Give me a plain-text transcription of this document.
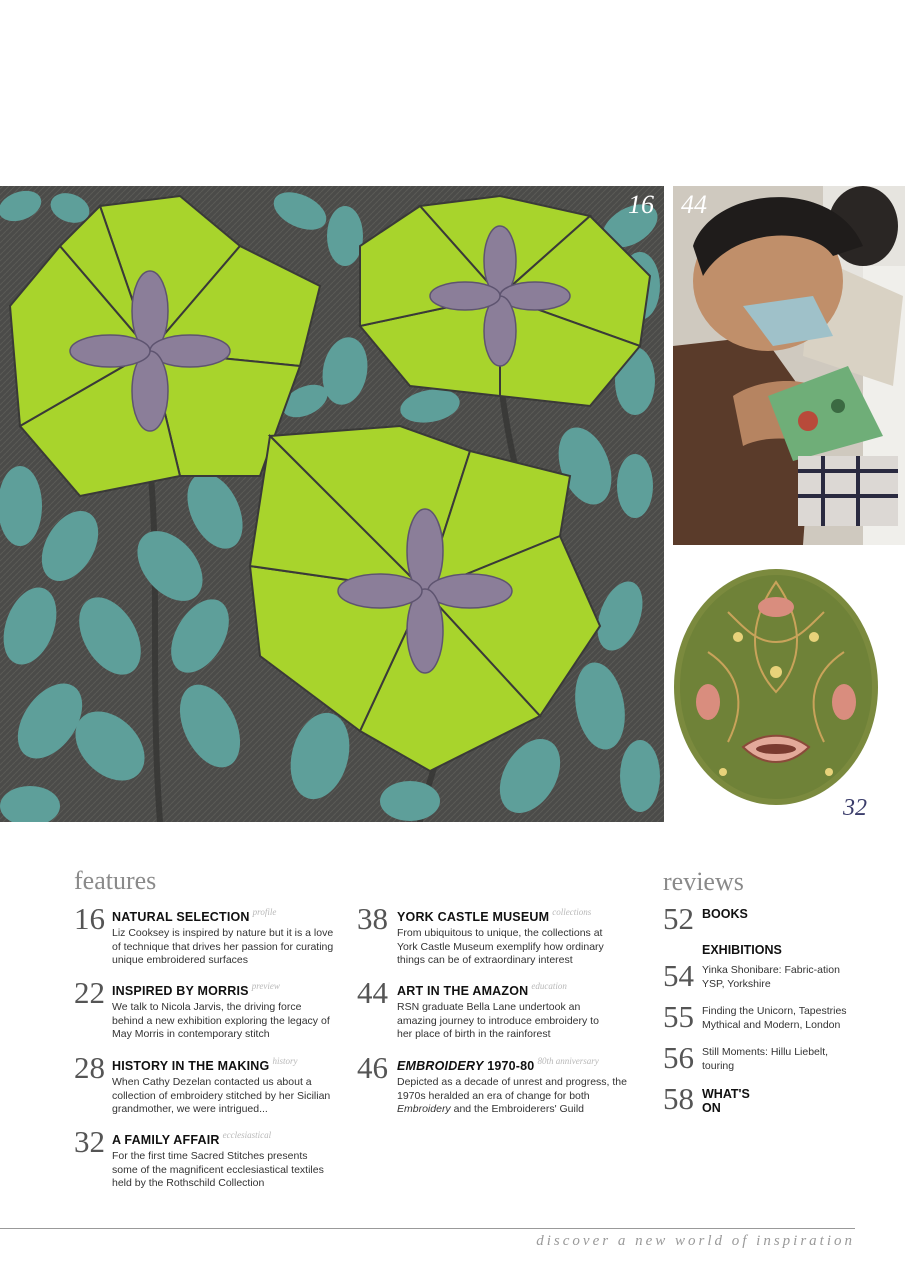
16 44
32
features
16 NATURAL SELECTION $^{profile}$
Liz Cooksey is inspired by nature but it is a love of technique that drives her passion for curating unique embroidered surfaces
22 INSPIRED BY MORRIS $^{preview}$
We talk to Nicola Jarvis, the driving force behind a new exhibition exploring the legacy of May Morris in contemporary stitch
28 HISTORY IN THE MAKING $^{history}$
When Cathy Dezelan contacted us about a collection of embroidery stitched by her Sicilian grandmother, we were intrigued...
32 A FAMILY AFFAIR $^{ecclesiastical}$
For the first time Sacred Stitches presents some of the magnificent ecclesiastical textiles held by the Rothschild Collection
38 YORK CASTLE MUSEUM $^{collections}$
From ubiquitous to unique, the collections at York Castle Museum exemplify how ordinary things can be of extraordinary interest
44 ART IN THE AMAZON $^{education}$
RSN graduate Bella Lane undertook an amazing journey to introduce embroidery to her place of birth in the rainforest
46 EMBROIDERY 1970-80 $^{80th anniversary}$
Depicted as a decade of unrest and progress, the 1970s heralded an era of change for both Embroidery and the Embroiderers' Guild
reviews
52 BOOKS
EXHIBITIONS
54 Yinka Shonibare: Fabric-ation YSP, Yorkshire
55 Finding the Unicorn, Tapestries Mythical and Modern, London
56 Still Moments: Hillu Liebelt, touring
58 WHAT'S ON
discover a new world of inspiration
